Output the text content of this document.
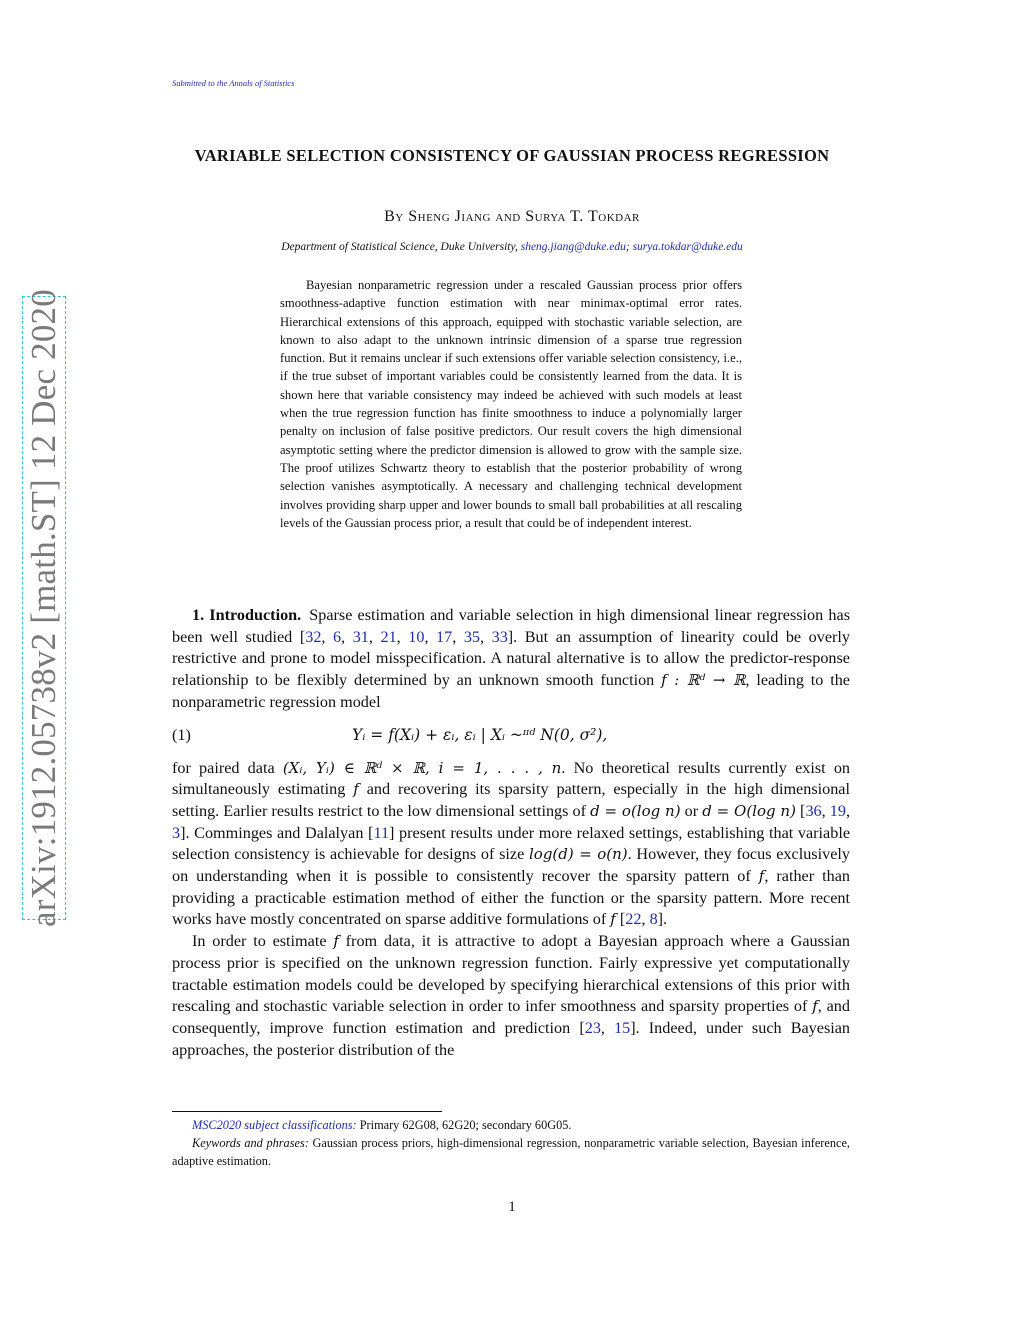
Submitted to the Annals of Statistics
arXiv:1912.05738v2 [math.ST] 12 Dec 2020
VARIABLE SELECTION CONSISTENCY OF GAUSSIAN PROCESS REGRESSION
By Sheng Jiang and Surya T. Tokdar
Department of Statistical Science, Duke University, sheng.jiang@duke.edu; surya.tokdar@duke.edu
Bayesian nonparametric regression under a rescaled Gaussian process prior offers smoothness-adaptive function estimation with near minimax-optimal error rates. Hierarchical extensions of this approach, equipped with stochastic variable selection, are known to also adapt to the unknown intrinsic dimension of a sparse true regression function. But it remains unclear if such extensions offer variable selection consistency, i.e., if the true subset of important variables could be consistently learned from the data. It is shown here that variable consistency may indeed be achieved with such models at least when the true regression function has finite smoothness to induce a polynomially larger penalty on inclusion of false positive predictors. Our result covers the high dimensional asymptotic setting where the predictor dimension is allowed to grow with the sample size. The proof utilizes Schwartz theory to establish that the posterior probability of wrong selection vanishes asymptotically. A necessary and challenging technical development involves providing sharp upper and lower bounds to small ball probabilities at all rescaling levels of the Gaussian process prior, a result that could be of independent interest.

1. Introduction. Sparse estimation and variable selection in high dimensional linear regression has been well studied [32, 6, 31, 21, 10, 17, 35, 33]. But an assumption of linearity could be overly restrictive and prone to model misspecification. A natural alternative is to allow the predictor-response relationship to be flexibly determined by an unknown smooth function f : ℝᵈ → ℝ, leading to the nonparametric regression model

(1)	Yᵢ = f(Xᵢ) + εᵢ, εᵢ | Xᵢ ~ᶦᶦᵈ N(0, σ²),

for paired data (Xᵢ, Yᵢ) ∈ ℝᵈ × ℝ, i = 1, . . . , n. No theoretical results currently exist on simultaneously estimating f and recovering its sparsity pattern, especially in the high dimensional setting. Earlier results restrict to the low dimensional settings of d = o(log n) or d = O(log n) [36, 19, 3]. Comminges and Dalalyan [11] present results under more relaxed settings, establishing that variable selection consistency is achievable for designs of size log(d) = o(n). However, they focus exclusively on understanding when it is possible to consistently recover the sparsity pattern of f, rather than providing a practicable estimation method of either the function or the sparsity pattern. More recent works have mostly concentrated on sparse additive formulations of f [22, 8].

In order to estimate f from data, it is attractive to adopt a Bayesian approach where a Gaussian process prior is specified on the unknown regression function. Fairly expressive yet computationally tractable estimation models could be developed by specifying hierarchical extensions of this prior with rescaling and stochastic variable selection in order to infer smoothness and sparsity properties of f, and consequently, improve function estimation and prediction [23, 15]. Indeed, under such Bayesian approaches, the posterior distribution of the

MSC2020 subject classifications: Primary 62G08, 62G20; secondary 60G05.

Keywords and phrases: Gaussian process priors, high-dimensional regression, nonparametric variable selection, Bayesian inference, adaptive estimation.

1
